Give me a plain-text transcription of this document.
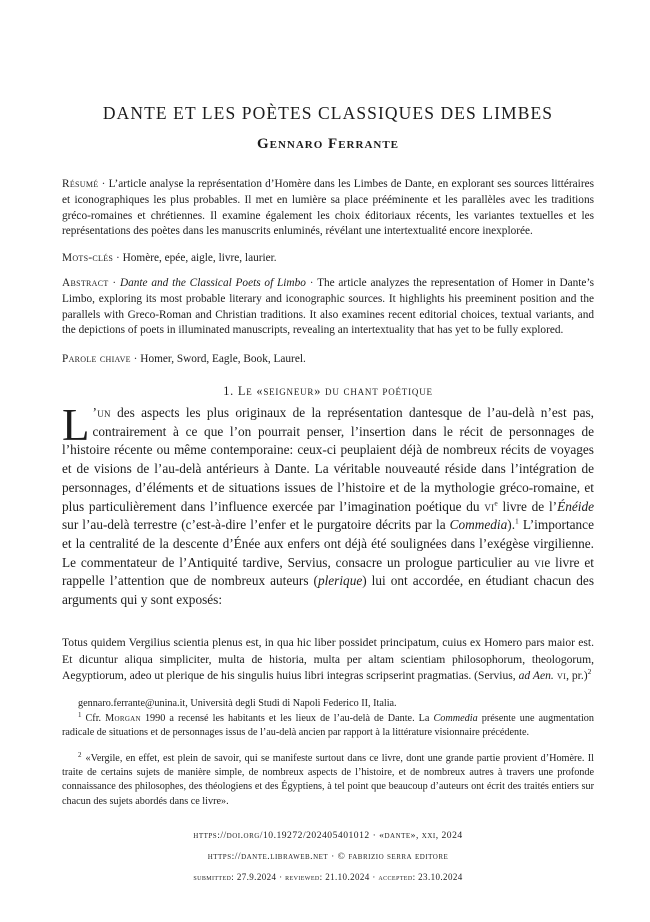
DANTE ET LES POÈTES CLASSIQUES DES LIMBES
Gennaro Ferrante

Résumé · L’article analyse la représentation d’Homère dans les Limbes de Dante, en explorant ses sources littéraires et iconographiques les plus probables. Il met en lumière sa place prééminente et les parallèles avec les traditions gréco-romaines et chrétiennes. Il examine également les choix éditoriaux récents, les variantes textuelles et les représentations des poètes dans les manuscrits enluminés, révélant une intertextualité encore inexplorée.

Mots-clés · Homère, epée, aigle, livre, laurier.

Abstract · Dante and the Classical Poets of Limbo · The article analyzes the representation of Homer in Dante’s Limbo, exploring its most probable literary and iconographic sources. It highlights his preeminent position and the parallels with Greco-Roman and Christian traditions. It also examines recent editorial choices, textual variants, and the depictions of poets in illuminated manuscripts, revealing an intertextuality that has yet to be fully explored.

Parole chiave · Homer, Sword, Eagle, Book, Laurel.

1. Le «seigneur» du chant poétique

L ’un des aspects les plus originaux de la représentation dantesque de l’au-delà n’est pas, contrairement à ce que l’on pourrait penser, l’insertion dans le récit de personnages de l’histoire récente ou même contemporaine: ceux-ci peuplaient déjà de nombreux récits de voyages et de visions de l’au-delà antérieurs à Dante. La véritable nouveauté réside dans l’intégration de personnages, d’éléments et de situations issues de l’histoire et de la mythologie gréco-romaine, et plus particulièrement dans l’influence exercée par l’imagination poétique du $vi^e$ livre de l’Énéide sur l’au-delà terrestre (c’est-à-dire l’enfer et le purgatoire décrits par la Commedia).$^1$ L’importance et la centralité de la descente d’Énée aux enfers ont déjà été soulignées dans l’exégèse virgilienne. Le commentateur de l’Antiquité tardive, Servius, consacre un prologue particulier au vie livre et rappelle l’attention que de nombreux auteurs (plerique) lui ont accordée, en étudiant chacun des arguments qui y sont exposés:

Totus quidem Vergilius scientia plenus est, in qua hic liber possidet principatum, cuius ex Homero pars maior est. Et dicuntur aliqua simpliciter, multa de historia, multa per altam scientiam philosophorum, theologorum, Aegyptiorum, adeo ut plerique de his singulis huius libri integras scripserint pragmatias. (Servius, ad Aen. vi, pr.)$^2$

gennaro.ferrante@unina.it, Università degli Studi di Napoli Federico II, Italia.

$^1$ Cfr. Morgan 1990 a recensé les habitants et les lieux de l’au-delà de Dante. La Commedia présente une augmentation radicale de situations et de personnages issus de l’au-delà ancien par rapport à la littérature visionnaire précédente.

$^2$ «Vergile, en effet, est plein de savoir, qui se manifeste surtout dans ce livre, dont une grande partie provient d’Homère. Il traite de certains sujets de manière simple, de nombreux aspects de l’histoire, et de nombreux autres à travers une profonde connaissance des philosophes, des théologiens et des Égyptiens, à tel point que beaucoup d’auteurs ont écrit des traités entiers sur chacun des sujets abordés dans ce livre».

https://doi.org/10.19272/202405401012 · «dante», xxi, 2024

https://dante.libraweb.net · © fabrizio serra editore

submitted: 27.9.2024 · reviewed: 21.10.2024 · accepted: 23.10.2024
